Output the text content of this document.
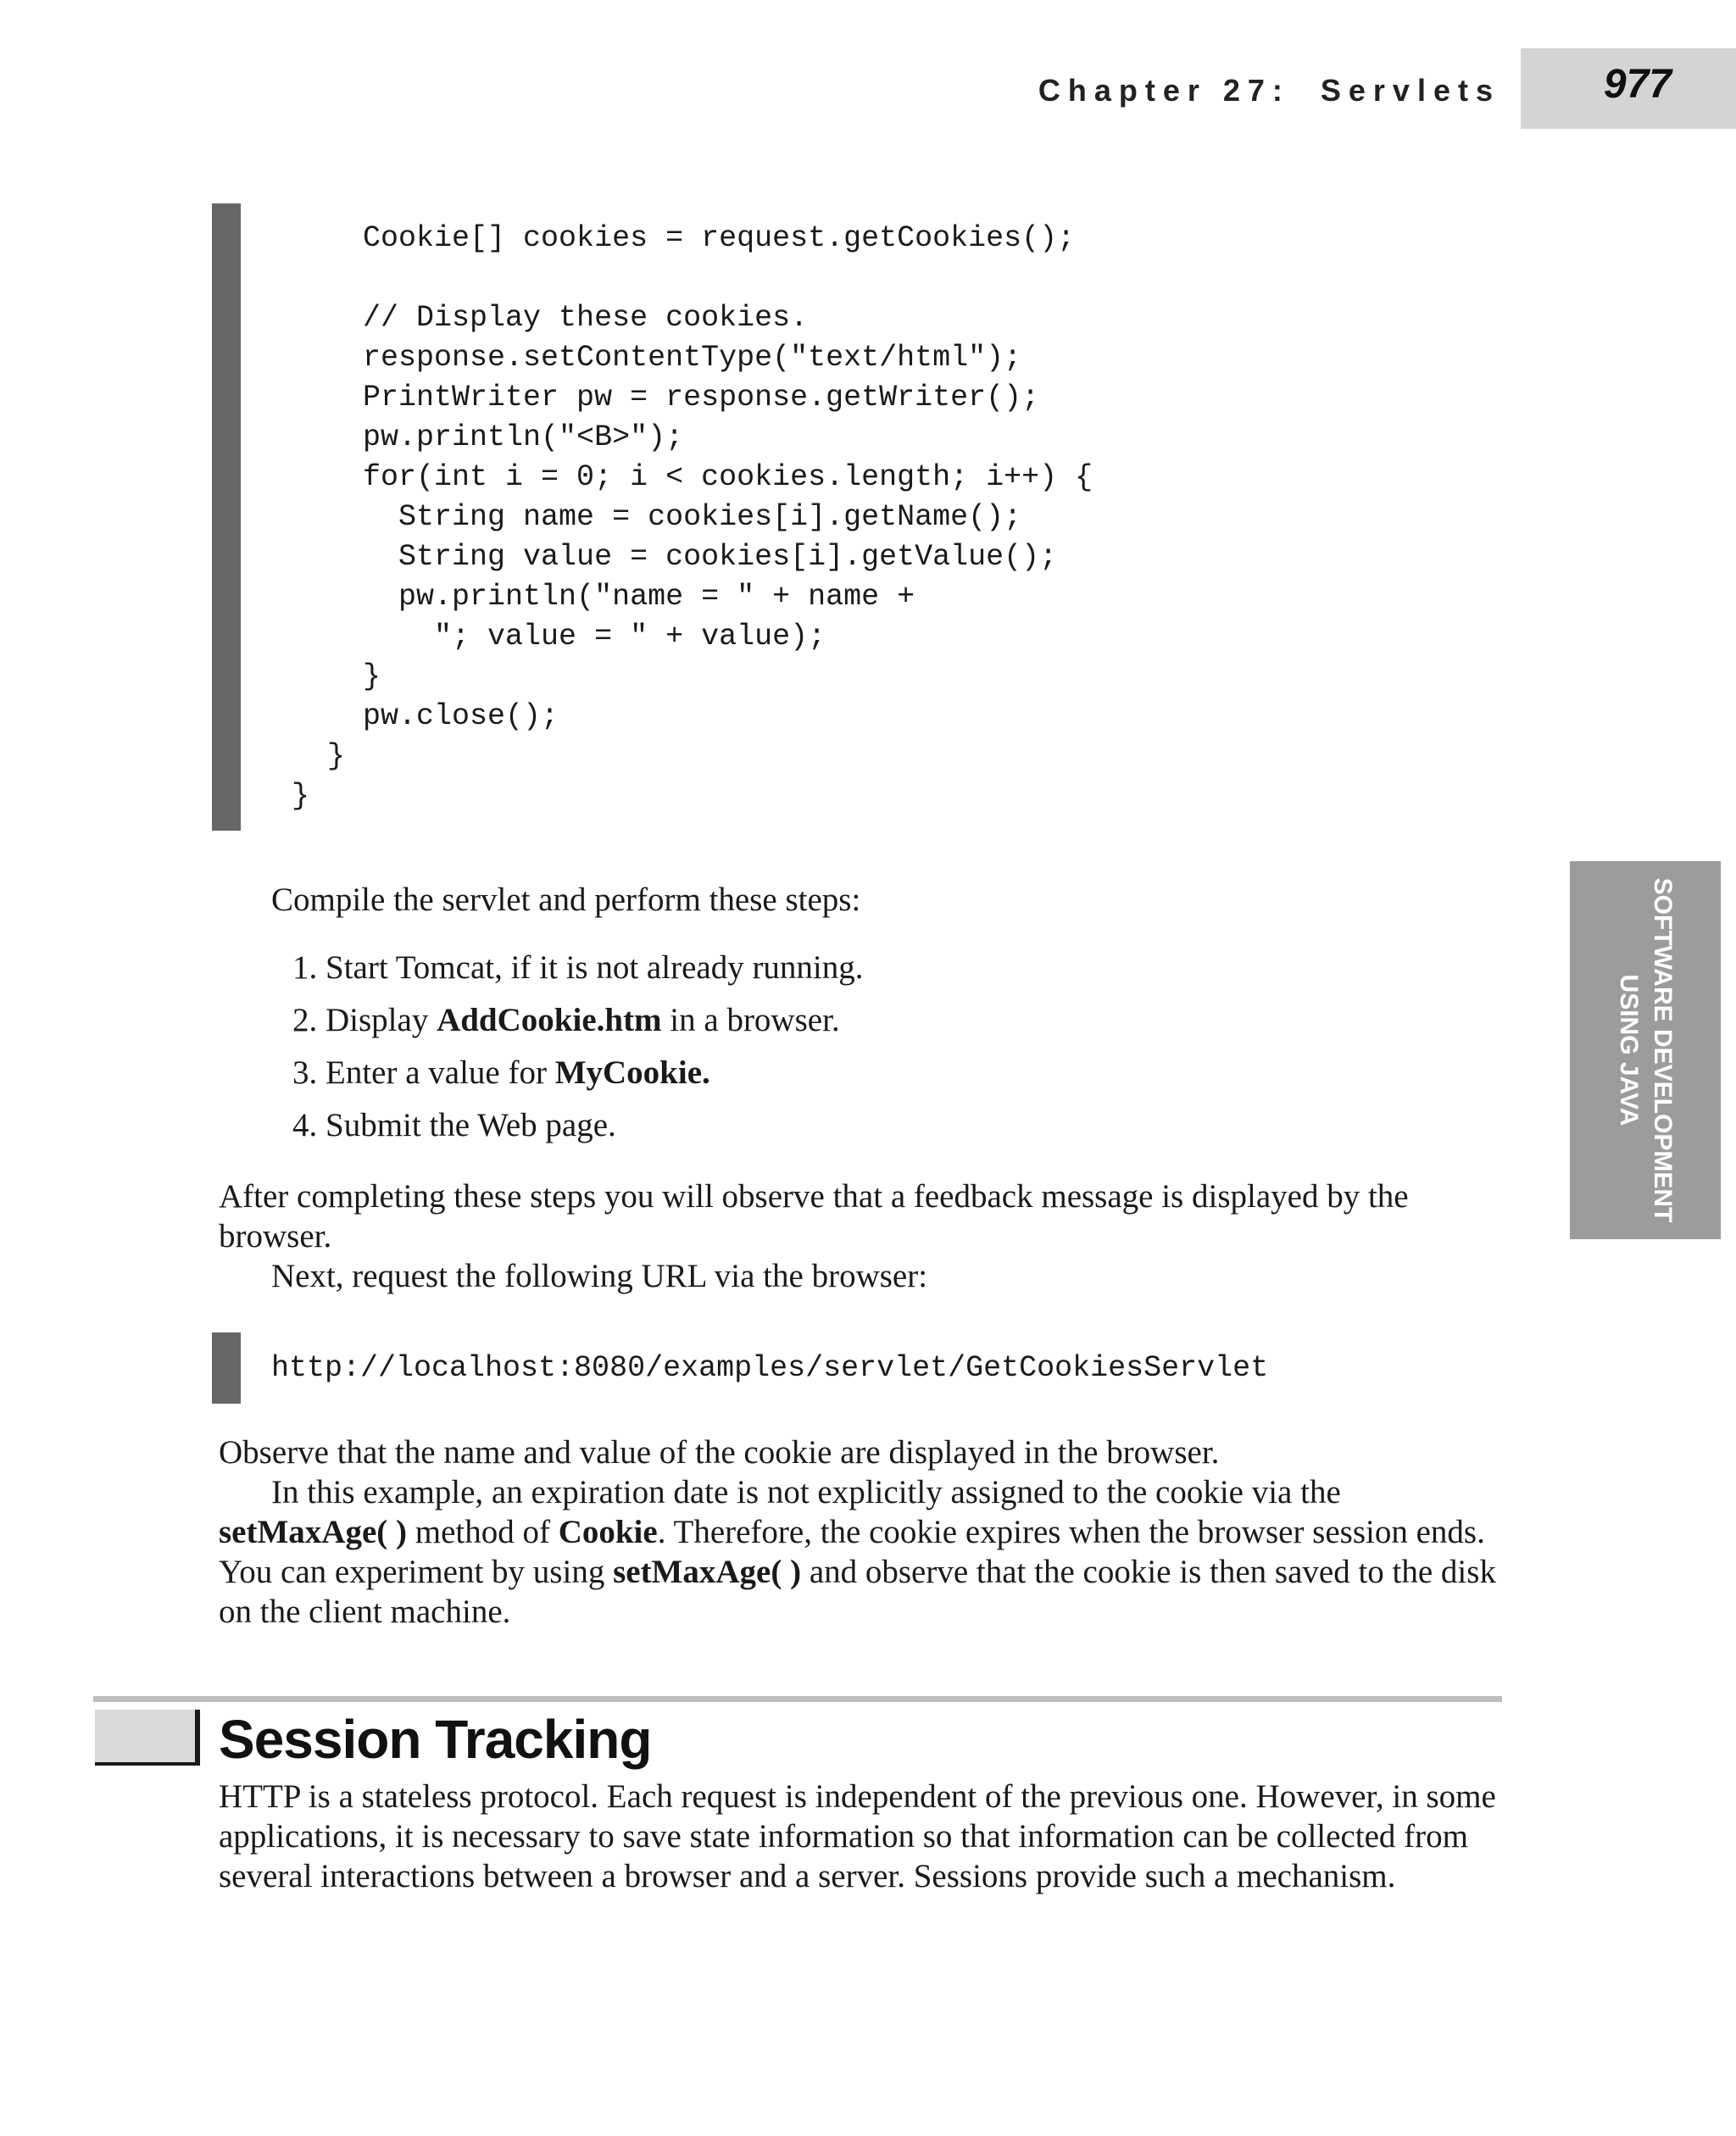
Chapter 27: Servlets	977
SOFTWARE DEVELOPMENT
USING JAVA
Cookie[] cookies = request.getCookies();

// Display these cookies.
response.setContentType("text/html");
PrintWriter pw = response.getWriter();
pw.println("<B>");
for(int i = 0; i < cookies.length; i++) {
String name = cookies[i].getName();
String value = cookies[i].getValue();
pw.println("name = " + name +
"; value = " + value);
}
pw.close();
}
}
Compile the servlet and perform these steps:
1. Start Tomcat, if it is not already running.
2. Display AddCookie.htm in a browser.
3. Enter a value for MyCookie.
4. Submit the Web page.

After completing these steps you will observe that a feedback message is displayed by the browser.

Next, request the following URL via the browser:

http://localhost:8080/examples/servlet/GetCookiesServlet

Observe that the name and value of the cookie are displayed in the browser.

In this example, an expiration date is not explicitly assigned to the cookie via the setMaxAge( ) method of Cookie. Therefore, the cookie expires when the browser session ends. You can experiment by using setMaxAge( ) and observe that the cookie is then saved to the disk on the client machine.

Session Tracking

HTTP is a stateless protocol. Each request is independent of the previous one. However, in some applications, it is necessary to save state information so that information can be collected from several interactions between a browser and a server. Sessions provide such a mechanism.
